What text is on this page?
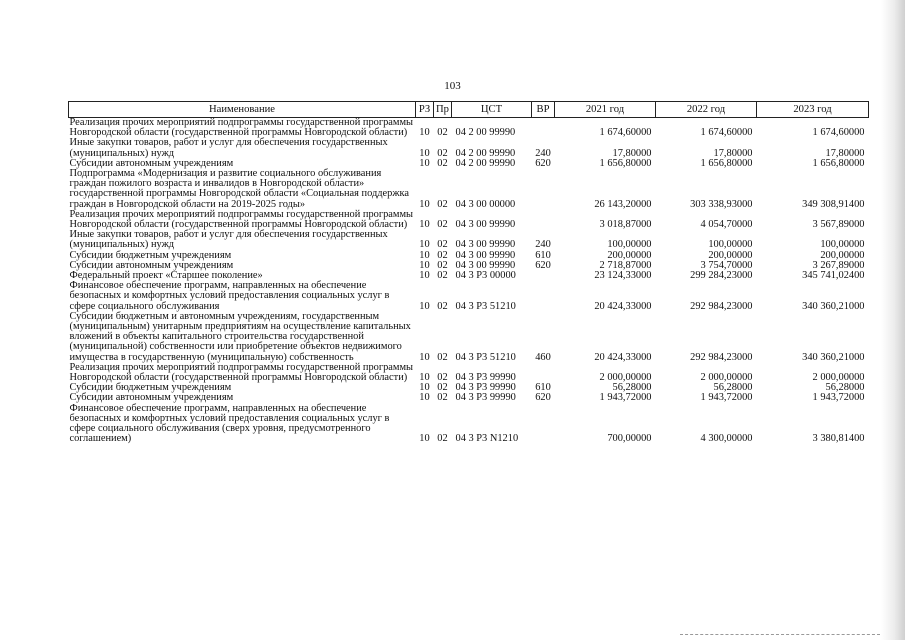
103
Наименование	РЗ	Пр	ЦСТ	ВР	2021 год	2022 год	2023 год
Реализация прочих мероприятий подпрограммы государственной программы Новгородской области (государственной программы Новгородской области)	10	02	04 2 00 99990		1 674,60000	1 674,60000	1 674,60000
Иные закупки товаров, работ и услуг для обеспечения государственных (муниципальных) нужд	10	02	04 2 00 99990	240	17,80000	17,80000	17,80000
Субсидии автономным учреждениям	10	02	04 2 00 99990	620	1 656,80000	1 656,80000	1 656,80000
Подпрограмма «Модернизация и развитие социального обслуживания граждан пожилого возраста и инвалидов в Новгородской области» государственной программы Новгородской области «Социальная поддержка граждан в Новгородской области на 2019-2025 годы»	10	02	04 3 00 00000		26 143,20000	303 338,93000	349 308,91400
Реализация прочих мероприятий подпрограммы государственной программы Новгородской области (государственной программы Новгородской области)	10	02	04 3 00 99990		3 018,87000	4 054,70000	3 567,89000
Иные закупки товаров, работ и услуг для обеспечения государственных (муниципальных) нужд	10	02	04 3 00 99990	240	100,00000	100,00000	100,00000
Субсидии бюджетным учреждениям	10	02	04 3 00 99990	610	200,00000	200,00000	200,00000
Субсидии автономным учреждениям	10	02	04 3 00 99990	620	2 718,87000	3 754,70000	3 267,89000
Федеральный проект «Старшее поколение»	10	02	04 3 P3 00000		23 124,33000	299 284,23000	345 741,02400
Финансовое обеспечение программ, направленных на обеспечение безопасных и комфортных условий предоставления социальных услуг в сфере социального обслуживания	10	02	04 3 P3 51210		20 424,33000	292 984,23000	340 360,21000
Субсидии бюджетным и автономным учреждениям, государственным (муниципальным) унитарным предприятиям на осуществление капитальных вложений в объекты капитального строительства государственной (муниципальной) собственности или приобретение объектов недвижимого имущества в государственную (муниципальную) собственность	10	02	04 3 P3 51210	460	20 424,33000	292 984,23000	340 360,21000
Реализация прочих мероприятий подпрограммы государственной программы Новгородской области (государственной программы Новгородской области)	10	02	04 3 P3 99990		2 000,00000	2 000,00000	2 000,00000
Субсидии бюджетным учреждениям	10	02	04 3 P3 99990	610	56,28000	56,28000	56,28000
Субсидии автономным учреждениям	10	02	04 3 P3 99990	620	1 943,72000	1 943,72000	1 943,72000
Финансовое обеспечение программ, направленных на обеспечение безопасных и комфортных условий предоставления социальных услуг в сфере социального обслуживания (сверх уровня, предусмотренного соглашением)	10	02	04 3 P3 N1210		700,00000	4 300,00000	3 380,81400
